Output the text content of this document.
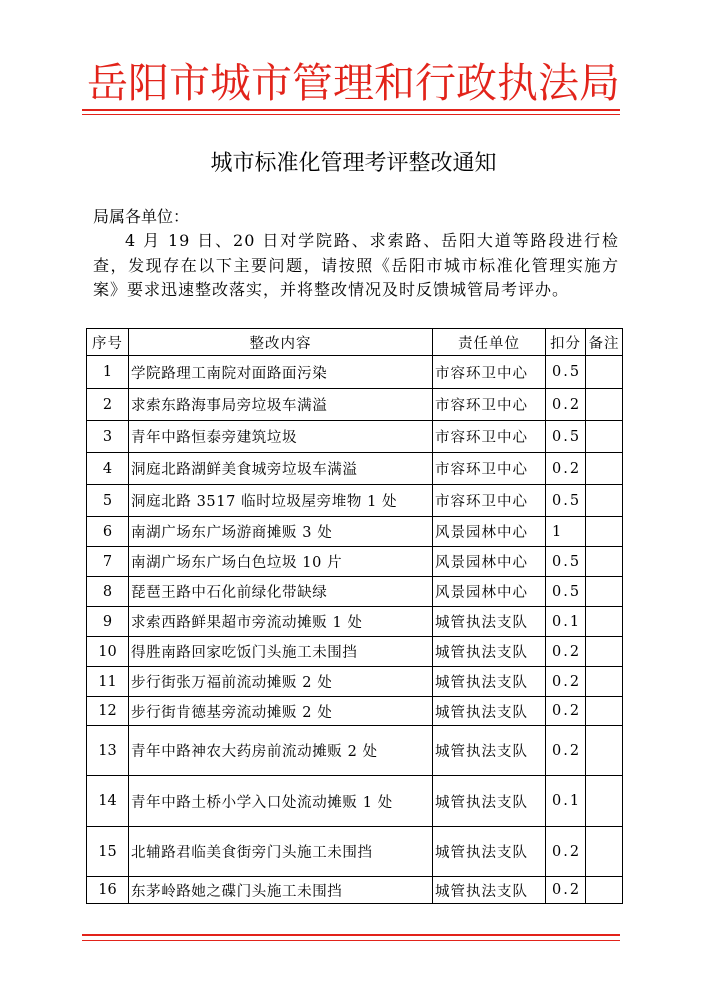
岳阳市城市管理和行政执法局
城市标准化管理考评整改通知
局属各单位：
4 月 19 日、20 日对学院路、求索路、岳阳大道等路段进行检查，发现存在以下主要问题，请按照《岳阳市城市标准化管理实施方案》要求迅速整改落实，并将整改情况及时反馈城管局考评办。
序号	整改内容	责任单位	扣分	备注
1	学院路理工南院对面路面污染	市容环卫中心	0.5	
2	求索东路海事局旁垃圾车满溢	市容环卫中心	0.2	
3	青年中路恒泰旁建筑垃圾	市容环卫中心	0.5	
4	洞庭北路湖鲜美食城旁垃圾车满溢	市容环卫中心	0.2	
5	洞庭北路 3517 临时垃圾屋旁堆物 1 处	市容环卫中心	0.5	
6	南湖广场东广场游商摊贩 3 处	风景园林中心	1	
7	南湖广场东广场白色垃圾 10 片	风景园林中心	0.5	
8	琵琶王路中石化前绿化带缺绿	风景园林中心	0.5	
9	求索西路鲜果超市旁流动摊贩 1 处	城管执法支队	0.1	
10	得胜南路回家吃饭门头施工未围挡	城管执法支队	0.2	
11	步行街张万福前流动摊贩 2 处	城管执法支队	0.2	
12	步行街肯德基旁流动摊贩 2 处	城管执法支队	0.2	
13	青年中路神农大药房前流动摊贩 2 处	城管执法支队	0.2	
14	青年中路土桥小学入口处流动摊贩 1 处	城管执法支队	0.1	
15	北辅路君临美食街旁门头施工未围挡	城管执法支队	0.2	
16	东茅岭路她之碟门头施工未围挡	城管执法支队	0.2	
